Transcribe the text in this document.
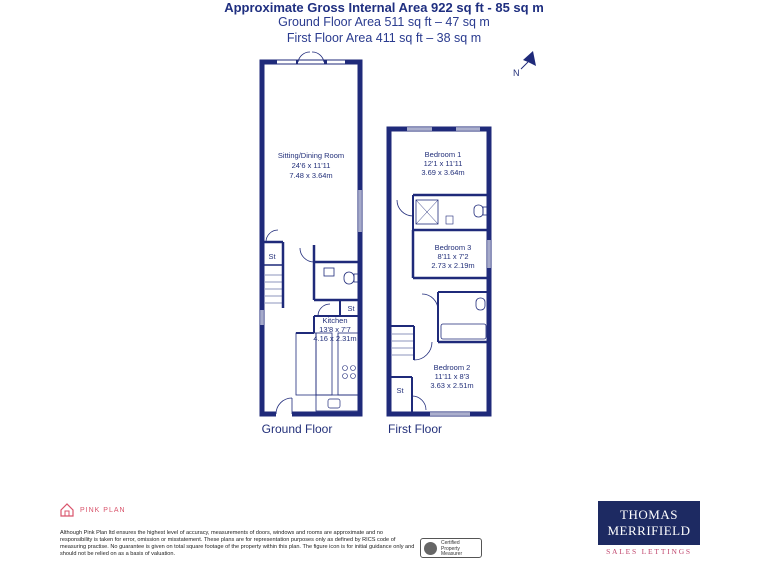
Approximate Gross Internal Area 922 sq ft - 85 sq m
Ground Floor Area 511 sq ft – 47 sq m
First Floor Area 411 sq ft – 38 sq m
N
Sitting/Dining Room
24'6 x 11'11
7.48 x 3.64m
Kitchen
13'8 x 7'7
4.16 x 2.31m
St
St
Ground Floor
Bedroom 1
12'1 x 11'11
3.69 x 3.64m
Bedroom 3
8'11 x 7'2
2.73 x 2.19m
Bedroom 2
11'11 x 8'3
3.63 x 2.51m
St
First Floor
PINK PLAN
Although Pink Plan ltd ensures the highest level of accuracy, measurements of doors, windows and rooms are approximate and no responsibility is taken for error, omission or misstatement. These plans are for representation purposes only as defined by RICS code of measuring practise. No guarantee is given on total square footage of the property within this plan. The figure icon is for initial guidance only and should not be relied on as a basis of valuation.
Certified
Property
Measurer
THOMAS
MERRIFIELD
SALES LETTINGS
